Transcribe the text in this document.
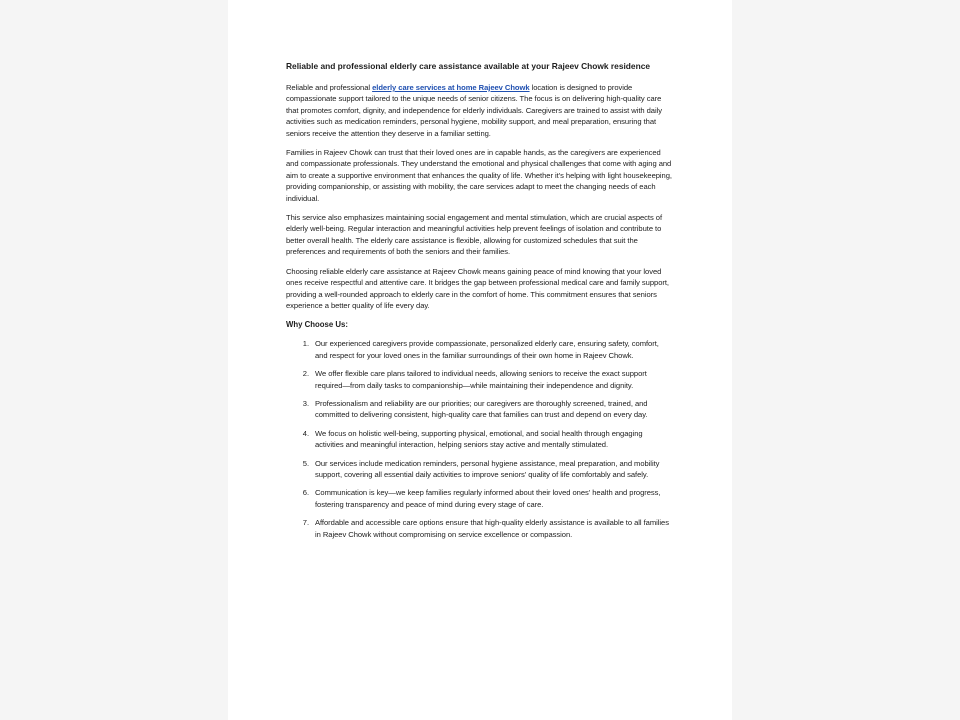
Reliable and professional elderly care assistance available at your Rajeev Chowk residence

Reliable and professional elderly care services at home Rajeev Chowk location is designed to provide compassionate support tailored to the unique needs of senior citizens. The focus is on delivering high-quality care that promotes comfort, dignity, and independence for elderly individuals. Caregivers are trained to assist with daily activities such as medication reminders, personal hygiene, mobility support, and meal preparation, ensuring that seniors receive the attention they deserve in a familiar setting.

Families in Rajeev Chowk can trust that their loved ones are in capable hands, as the caregivers are experienced and compassionate professionals. They understand the emotional and physical challenges that come with aging and aim to create a supportive environment that enhances the quality of life. Whether it's helping with light housekeeping, providing companionship, or assisting with mobility, the care services adapt to meet the changing needs of each individual.

This service also emphasizes maintaining social engagement and mental stimulation, which are crucial aspects of elderly well-being. Regular interaction and meaningful activities help prevent feelings of isolation and contribute to better overall health. The elderly care assistance is flexible, allowing for customized schedules that suit the preferences and requirements of both the seniors and their families.

Choosing reliable elderly care assistance at Rajeev Chowk means gaining peace of mind knowing that your loved ones receive respectful and attentive care. It bridges the gap between professional medical care and family support, providing a well-rounded approach to elderly care in the comfort of home. This commitment ensures that seniors experience a better quality of life every day.

Why Choose Us:
1. Our experienced caregivers provide compassionate, personalized elderly care, ensuring safety, comfort, and respect for your loved ones in the familiar surroundings of their own home in Rajeev Chowk.
2. We offer flexible care plans tailored to individual needs, allowing seniors to receive the exact support required—from daily tasks to companionship—while maintaining their independence and dignity.
3. Professionalism and reliability are our priorities; our caregivers are thoroughly screened, trained, and committed to delivering consistent, high-quality care that families can trust and depend on every day.
4. We focus on holistic well-being, supporting physical, emotional, and social health through engaging activities and meaningful interaction, helping seniors stay active and mentally stimulated.
5. Our services include medication reminders, personal hygiene assistance, meal preparation, and mobility support, covering all essential daily activities to improve seniors' quality of life comfortably and safely.
6. Communication is key—we keep families regularly informed about their loved ones' health and progress, fostering transparency and peace of mind during every stage of care.
7. Affordable and accessible care options ensure that high-quality elderly assistance is available to all families in Rajeev Chowk without compromising on service excellence or compassion.
